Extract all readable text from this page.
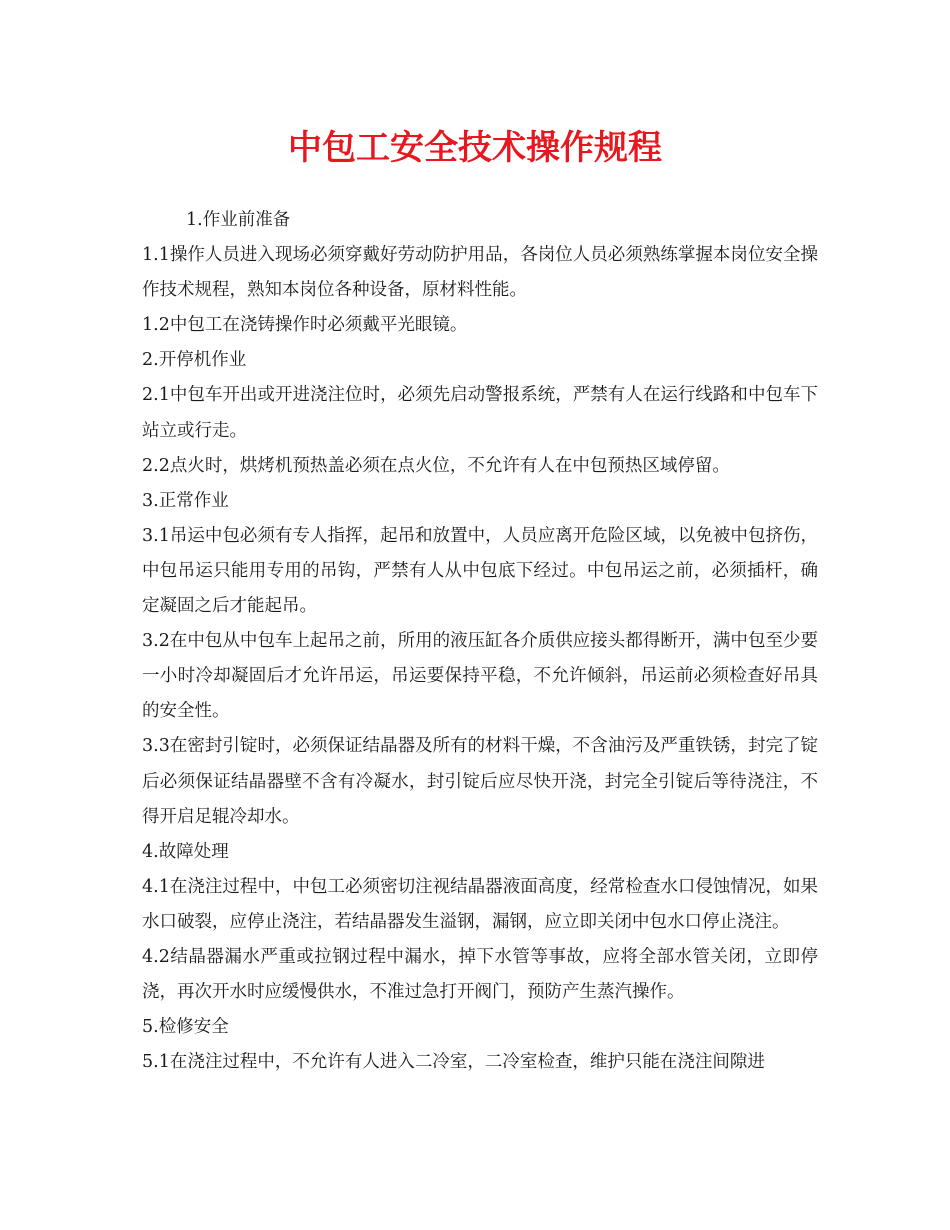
中包工安全技术操作规程

1.作业前准备

1.1操作人员进入现场必须穿戴好劳动防护用品，各岗位人员必须熟练掌握本岗位安全操作技术规程，熟知本岗位各种设备，原材料性能。

1.2中包工在浇铸操作时必须戴平光眼镜。

2.开停机作业

2.1中包车开出或开进浇注位时，必须先启动警报系统，严禁有人在运行线路和中包车下站立或行走。

2.2点火时，烘烤机预热盖必须在点火位，不允许有人在中包预热区域停留。

3.正常作业

3.1吊运中包必须有专人指挥，起吊和放置中，人员应离开危险区域，以免被中包挤伤，中包吊运只能用专用的吊钩，严禁有人从中包底下经过。中包吊运之前，必须插杆，确定凝固之后才能起吊。

3.2在中包从中包车上起吊之前，所用的液压缸各介质供应接头都得断开，满中包至少要一小时冷却凝固后才允许吊运，吊运要保持平稳，不允许倾斜，吊运前必须检查好吊具的安全性。

3.3在密封引锭时，必须保证结晶器及所有的材料干燥，不含油污及严重铁锈，封完了锭后必须保证结晶器壁不含有冷凝水，封引锭后应尽快开浇，封完全引锭后等待浇注，不得开启足辊冷却水。

4.故障处理

4.1在浇注过程中，中包工必须密切注视结晶器液面高度，经常检查水口侵蚀情况，如果水口破裂，应停止浇注，若结晶器发生溢钢，漏钢，应立即关闭中包水口停止浇注。

4.2结晶器漏水严重或拉钢过程中漏水，掉下水管等事故，应将全部水管关闭，立即停浇，再次开水时应缓慢供水，不准过急打开阀门，预防产生蒸汽操作。

5.检修安全

5.1在浇注过程中，不允许有人进入二冷室，二冷室检查，维护只能在浇注间隙进
